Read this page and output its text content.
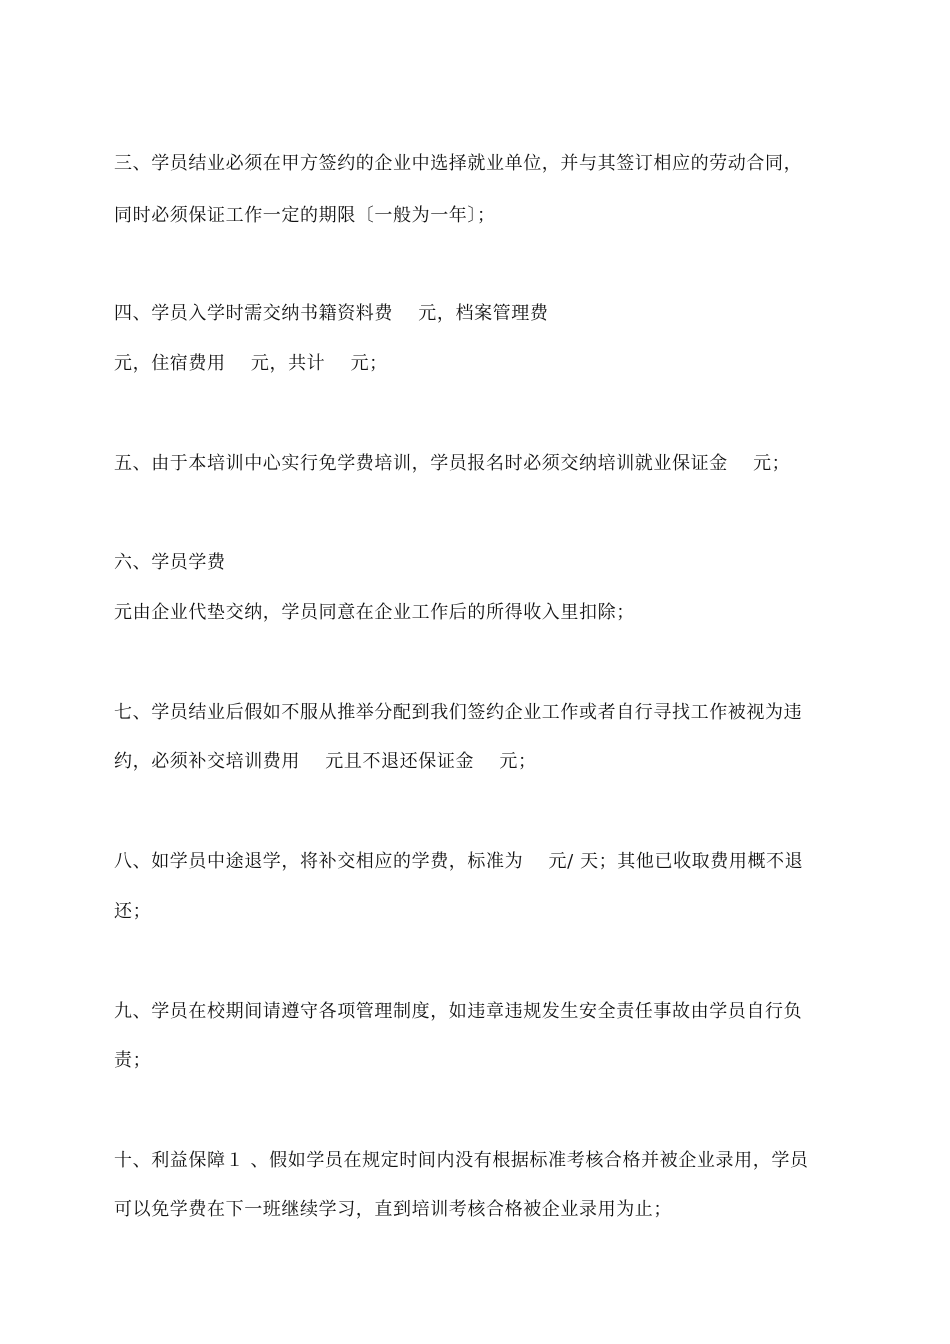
三、学员结业必须在甲方签约的企业中选择就业单位，并与其签订相应的劳动合同，
同时必须保证工作一定的期限〔一般为一年〕；
四、学员入学时需交纳书籍资料费    元，档案管理费
元，住宿费用    元，共计    元；
五、由于本培训中心实行免学费培训，学员报名时必须交纳培训就业保证金    元；
六、学员学费
元由企业代垫交纳，学员同意在企业工作后的所得收入里扣除；
七、学员结业后假如不服从推举分配到我们签约企业工作或者自行寻找工作被视为违
约，必须补交培训费用    元且不退还保证金    元；
八、如学员中途退学，将补交相应的学费，标准为    元/ 天；其他已收取费用概不退
还；
九、学员在校期间请遵守各项管理制度，如违章违规发生安全责任事故由学员自行负
责；
十、利益保障１ 、假如学员在规定时间内没有根据标准考核合格并被企业录用，学员
可以免学费在下一班继续学习，直到培训考核合格被企业录用为止；
